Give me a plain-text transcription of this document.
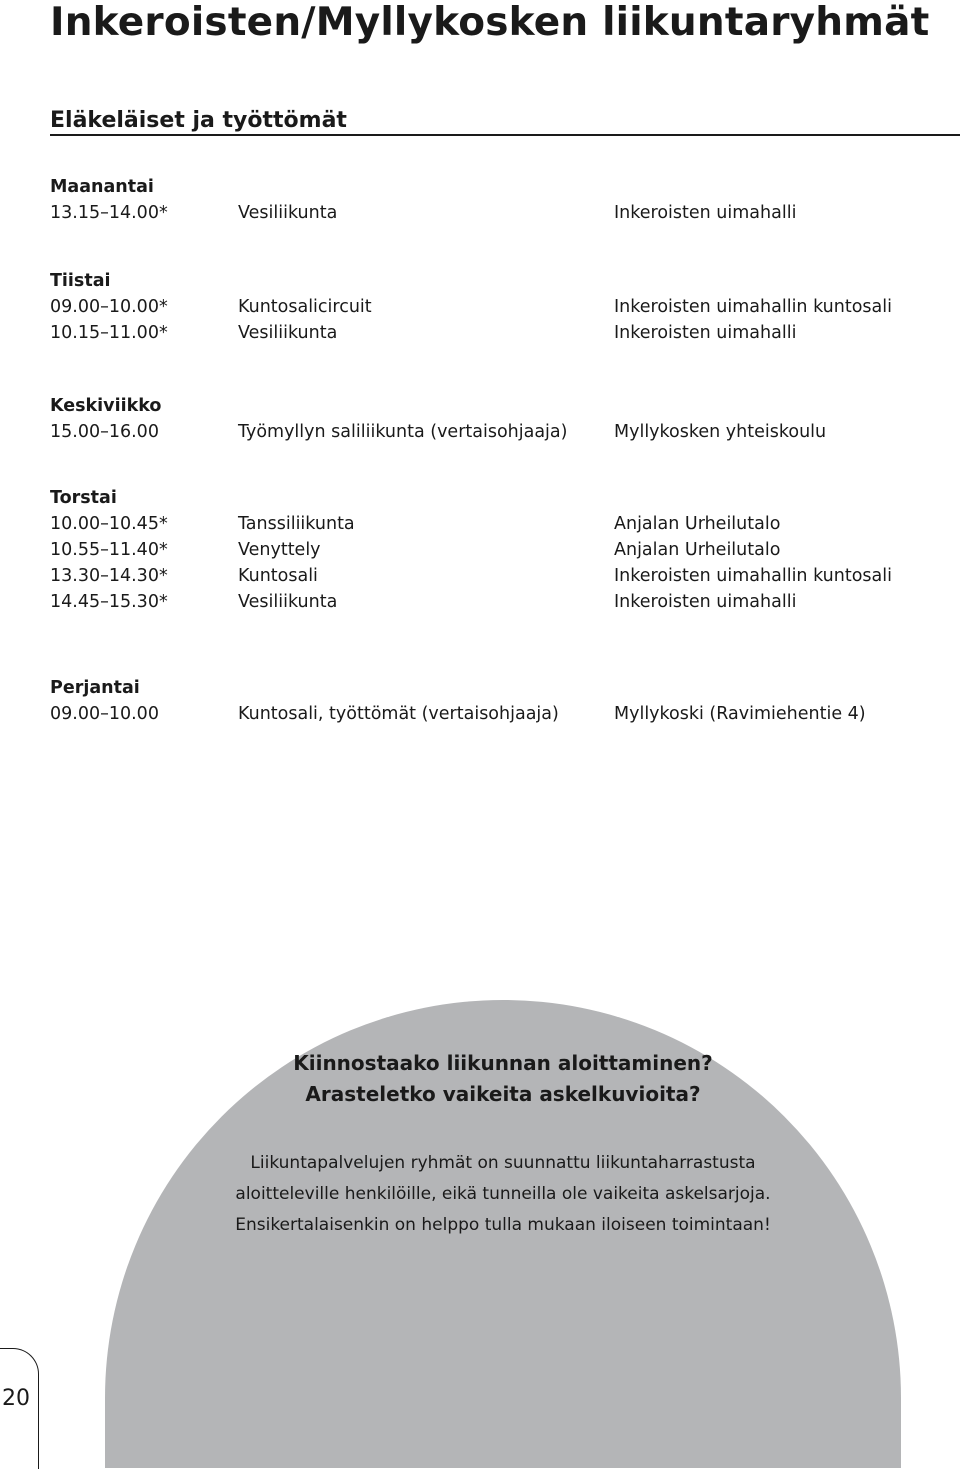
Inkeroisten/Myllykosken liikuntaryhmät
Eläkeläiset ja työttömät
Maanantai
13.15–14.00*	Vesiliikunta	Inkeroisten uimahalli
Tiistai
09.00–10.00*	Kuntosalicircuit	Inkeroisten uimahallin kuntosali
10.15–11.00*	Vesiliikunta	Inkeroisten uimahalli
Keskiviikko
15.00–16.00	Työmyllyn saliliikunta (vertaisohjaaja)	Myllykosken yhteiskoulu
Torstai
10.00–10.45*	Tanssiliikunta	Anjalan Urheilutalo
10.55–11.40*	Venyttely	Anjalan Urheilutalo
13.30–14.30*	Kuntosali	Inkeroisten uimahallin kuntosali
14.45–15.30*	Vesiliikunta	Inkeroisten uimahalli
Perjantai
09.00–10.00	Kuntosali, työttömät (vertaisohjaaja)	Myllykoski (Ravimiehentie 4)

Kiinnostaako liikunnan aloittaminen?
Arasteletko vaikeita askelkuvioita?

Liikuntapalvelujen ryhmät on suunnattu liikuntaharrastusta
aloitteleville henkilöille, eikä tunneilla ole vaikeita askelsarjoja.
Ensikertalaisenkin on helppo tulla mukaan iloiseen toimintaan!

20
